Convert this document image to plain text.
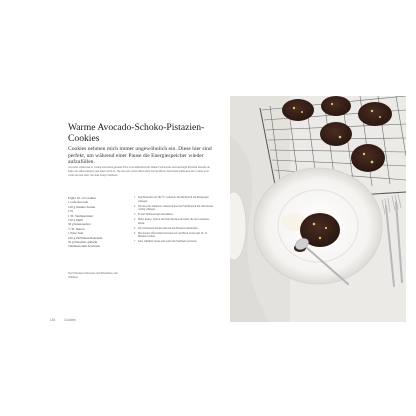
Warme Avocado-Schoko-Pistazien-Cookies

Cookies nehmen mich immer ungewöhnlich ein. Diese hier sind perfekt, um während einer Pause die Energiespeicher wieder aufzufüllen.

Avocados schmecken so cremig und liefern gesunde Fette. In Kombination mit dunkler Schokolade und knackigen Pistazien entsteht ein Keks, der außen knusprig und innen weich ist. Die Avocado ersetzt dabei einen Teil der Butter. Am besten schmecken die Cookies noch warm aus dem Ofen, mit einer Kugel Vanilleeis.

Ergibt 10–12 Cookies
1 reife Avocado
120 g brauner Zucker
1 Ei
1 TL Vanilleextrakt
150 g Mehl
30 g Kakaopulver
½ TL Natron
1 Prise Salz
100 g Zartbitterschokolade
50 g Pistazien, gehackt
Vanilleeis zum Servieren

Statt Pistazien schmecken auch Haselnüsse oder Walnüsse.

1	Den Backofen auf 180 °C vorheizen. Ein Backblech mit Backpapier auslegen.
2	Die Avocado halbieren, entkernen und das Fruchtfleisch mit dem Zucker cremig schlagen.
3	Ei und Vanilleextrakt unterrühren.
4	Mehl, Kakao, Natron und Salz mischen und unter die Avocadomasse heben.
5	Die Schokolade hacken und mit den Pistazien unterheben.
6	Mit einem Löffel kleine Portionen auf das Blech setzen und 10–12 Minuten backen.
7	Kurz abkühlen lassen und warm mit Vanilleeis servieren.
144	Cookies
